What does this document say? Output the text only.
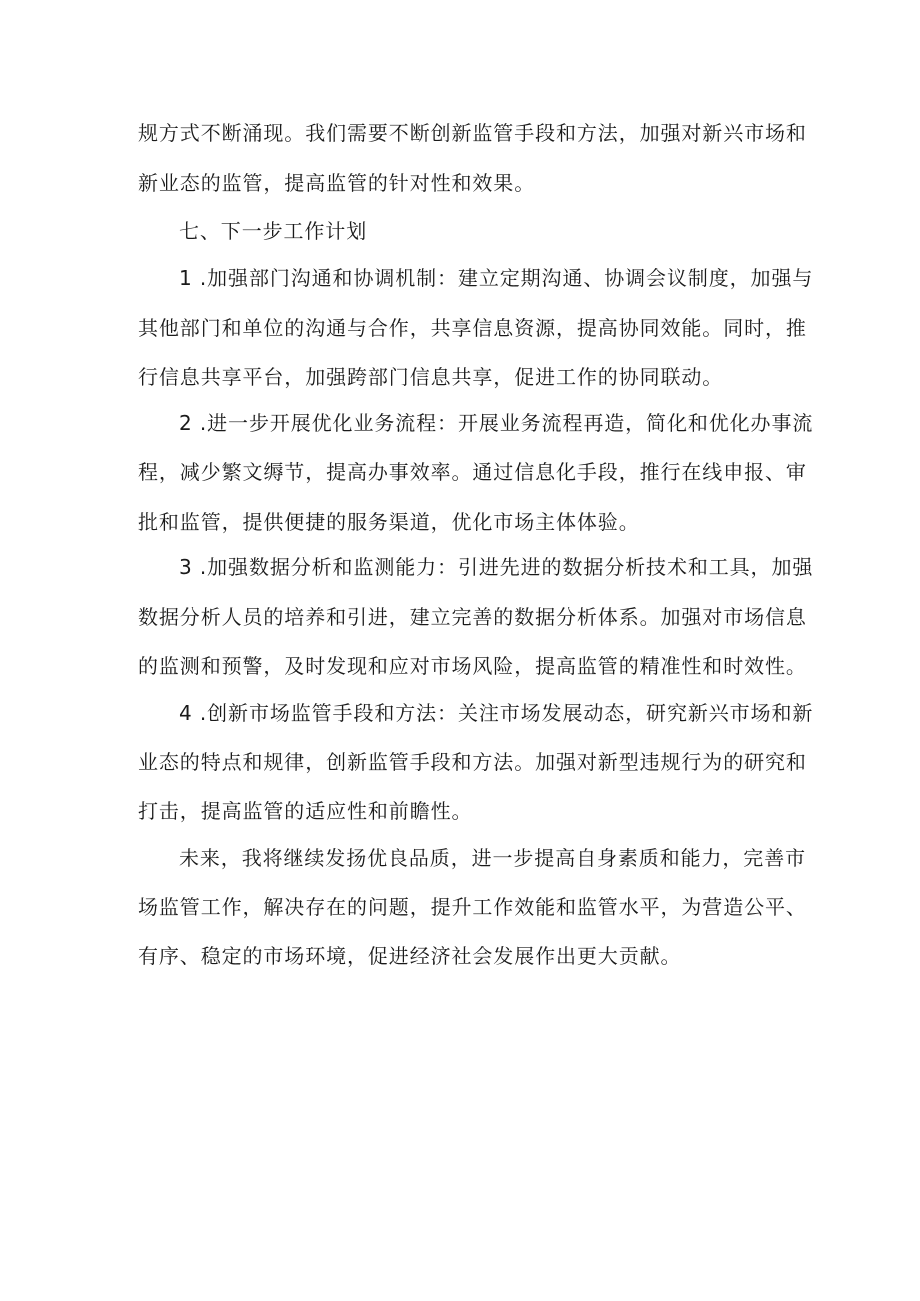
规方式不断涌现。我们需要不断创新监管手段和方法，加强对新兴市场和
新业态的监管，提高监管的针对性和效果。
七、下一步工作计划
1 .加强部门沟通和协调机制：建立定期沟通、协调会议制度，加强与
其他部门和单位的沟通与合作，共享信息资源，提高协同效能。同时，推
行信息共享平台，加强跨部门信息共享，促进工作的协同联动。
2 .进一步开展优化业务流程：开展业务流程再造，简化和优化办事流
程，减少繁文缛节，提高办事效率。通过信息化手段，推行在线申报、审
批和监管，提供便捷的服务渠道，优化市场主体体验。
3 .加强数据分析和监测能力：引进先进的数据分析技术和工具，加强
数据分析人员的培养和引进，建立完善的数据分析体系。加强对市场信息
的监测和预警，及时发现和应对市场风险，提高监管的精准性和时效性。
4 .创新市场监管手段和方法：关注市场发展动态，研究新兴市场和新
业态的特点和规律，创新监管手段和方法。加强对新型违规行为的研究和
打击，提高监管的适应性和前瞻性。
未来，我将继续发扬优良品质，进一步提高自身素质和能力，完善市
场监管工作，解决存在的问题，提升工作效能和监管水平，为营造公平、
有序、稳定的市场环境，促进经济社会发展作出更大贡献。
